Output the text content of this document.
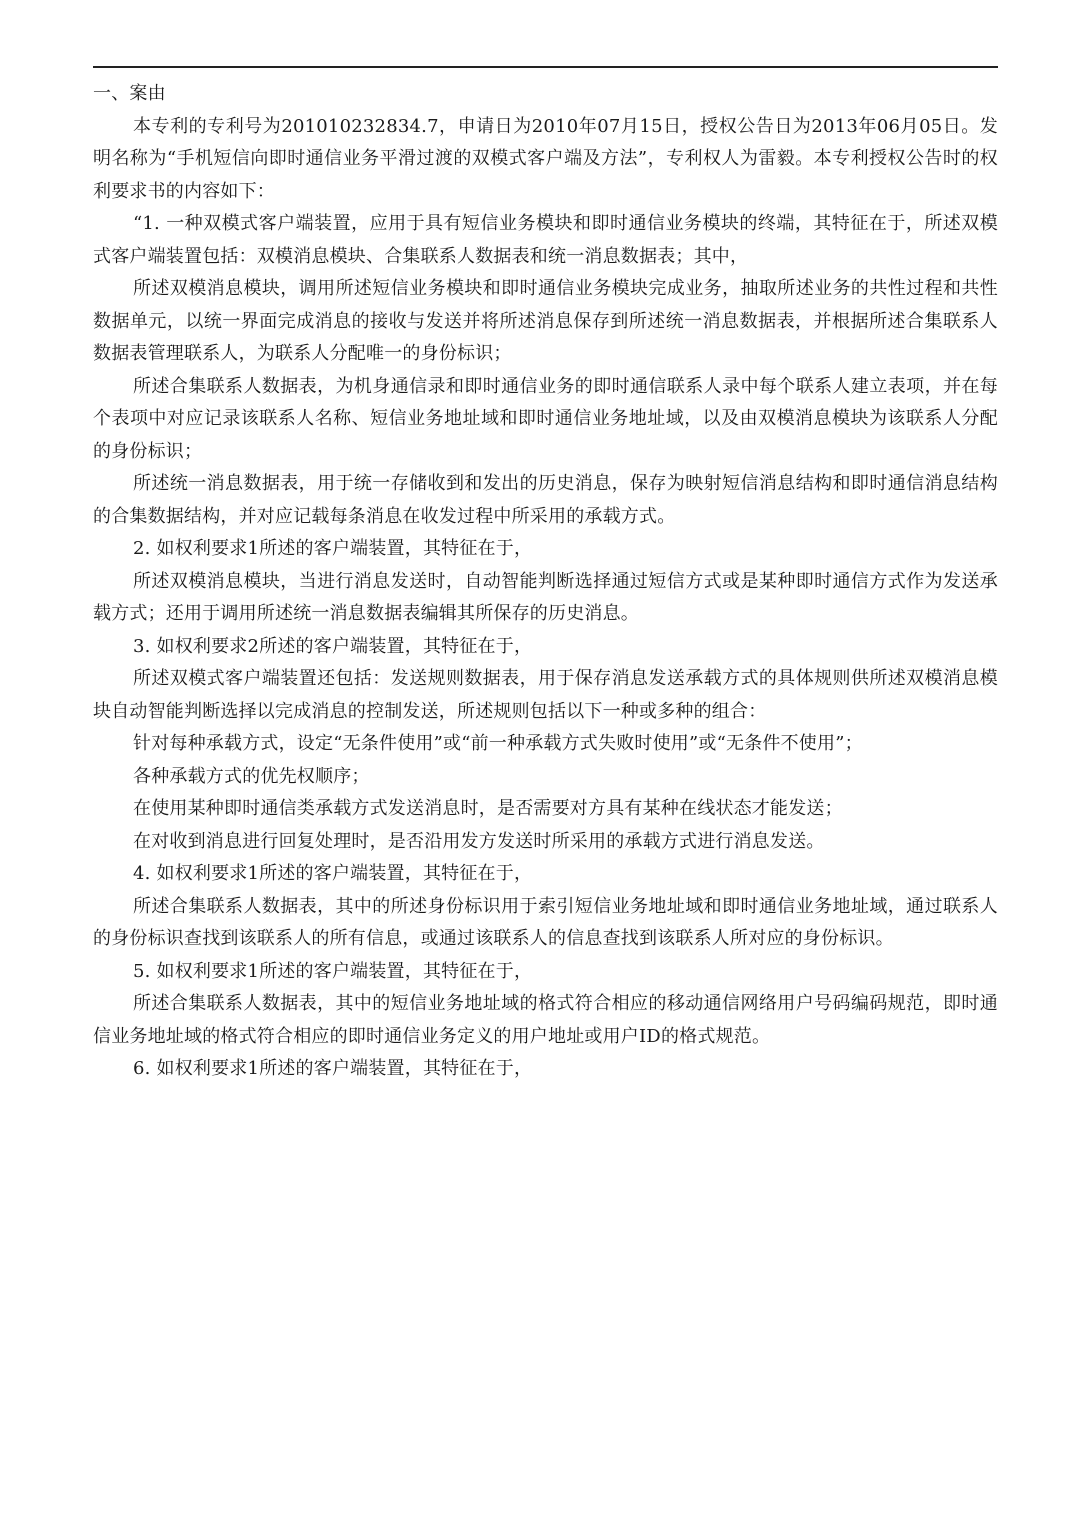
一、案由

本专利的专利号为201010232834.7，申请日为2010年07月15日，授权公告日为2013年06月05日。发明名称为“手机短信向即时通信业务平滑过渡的双模式客户端及方法”，专利权人为雷毅。本专利授权公告时的权利要求书的内容如下：

“1. 一种双模式客户端装置，应用于具有短信业务模块和即时通信业务模块的终端，其特征在于，所述双模式客户端装置包括：双模消息模块、合集联系人数据表和统一消息数据表；其中，

所述双模消息模块，调用所述短信业务模块和即时通信业务模块完成业务，抽取所述业务的共性过程和共性数据单元，以统一界面完成消息的接收与发送并将所述消息保存到所述统一消息数据表，并根据所述合集联系人数据表管理联系人，为联系人分配唯一的身份标识；

所述合集联系人数据表，为机身通信录和即时通信业务的即时通信联系人录中每个联系人建立表项，并在每个表项中对应记录该联系人名称、短信业务地址域和即时通信业务地址域，以及由双模消息模块为该联系人分配的身份标识；

所述统一消息数据表，用于统一存储收到和发出的历史消息，保存为映射短信消息结构和即时通信消息结构的合集数据结构，并对应记载每条消息在收发过程中所采用的承载方式。

2. 如权利要求1所述的客户端装置，其特征在于，

所述双模消息模块，当进行消息发送时，自动智能判断选择通过短信方式或是某种即时通信方式作为发送承载方式；还用于调用所述统一消息数据表编辑其所保存的历史消息。

3. 如权利要求2所述的客户端装置，其特征在于，

所述双模式客户端装置还包括：发送规则数据表，用于保存消息发送承载方式的具体规则供所述双模消息模块自动智能判断选择以完成消息的控制发送，所述规则包括以下一种或多种的组合：

针对每种承载方式，设定“无条件使用”或“前一种承载方式失败时使用”或“无条件不使用”；

各种承载方式的优先权顺序；

在使用某种即时通信类承载方式发送消息时，是否需要对方具有某种在线状态才能发送；

在对收到消息进行回复处理时，是否沿用发方发送时所采用的承载方式进行消息发送。

4. 如权利要求1所述的客户端装置，其特征在于，

所述合集联系人数据表，其中的所述身份标识用于索引短信业务地址域和即时通信业务地址域，通过联系人的身份标识查找到该联系人的所有信息，或通过该联系人的信息查找到该联系人所对应的身份标识。

5. 如权利要求1所述的客户端装置，其特征在于，

所述合集联系人数据表，其中的短信业务地址域的格式符合相应的移动通信网络用户号码编码规范，即时通信业务地址域的格式符合相应的即时通信业务定义的用户地址或用户ID的格式规范。

6. 如权利要求1所述的客户端装置，其特征在于，
